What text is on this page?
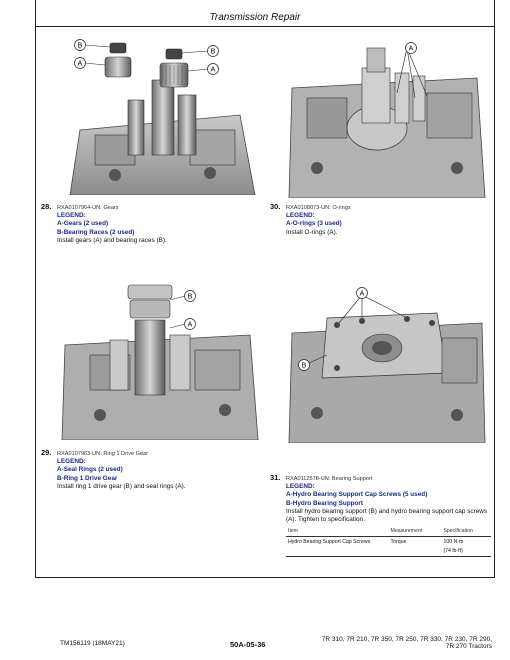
Transmission Repair
B
B
A
A
A
B
A
A
B
28. RXA0107964-UN: Gears
LEGEND:
A-Gears (2 used)
B-Bearing Races (2 used)
Install gears (A) and bearing races (B).
30. RXA0108073-UN: O-rings
LEGEND:
A-O-rings (3 used)
Install O-rings (A).
29. RXA0107963-UN: Ring 1 Drive Gear
LEGEND:
A-Seal Rings (2 used)
B-Ring 1 Drive Gear
Install ring 1 drive gear (B) and seal rings (A).
31. RXA0112578-UN: Bearing Support
LEGEND:
A-Hydro Bearing Support Cap Screws (5 used)
B-Hydro Bearing Support
Install hydro bearing support (B) and hydro bearing support cap screws (A). Tighten to specification.
Item	Measurement	Specification
Hydro Bearing Support Cap Screws	Torque	100 N·m
(74 lb-ft)
TM156119 (18MAY21)	50A-05-36
7R 310, 7R 210, 7R 350, 7R 250, 7R 330, 7R 230, 7R 290,
7R 270 Tractors
